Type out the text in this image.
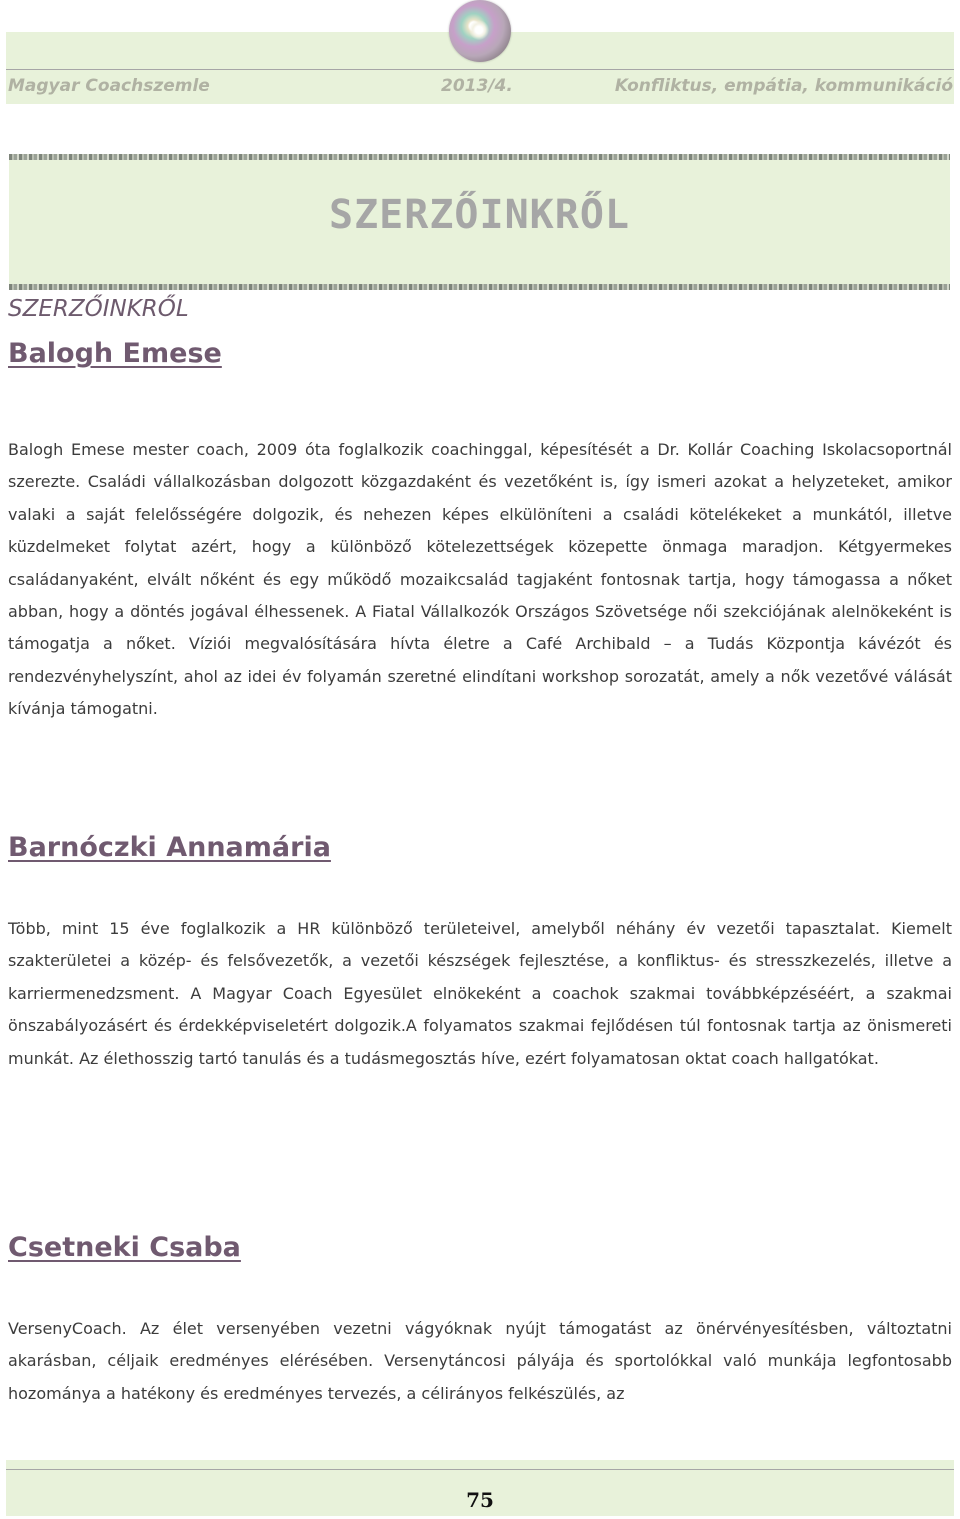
Magyar Coachszemle	2013/4.	Konfliktus, empátia, kommunikáció
SZERZŐINKRŐL
SZERZŐINKRŐL
Balogh Emese

Balogh Emese mester coach, 2009 óta foglalkozik coachinggal, képesítését a Dr. Kollár Coaching Iskolacsoportnál szerezte. Családi vállalkozásban dolgozott közgazdaként és vezetőként is, így ismeri azokat a helyzeteket, amikor valaki a saját felelősségére dolgozik, és nehezen képes elkülöníteni a családi kötelékeket a munkától, illetve küzdelmeket folytat azért, hogy a különböző kötelezettségek közepette önmaga maradjon. Kétgyermekes családanyaként, elvált nőként és egy működő mozaikcsalád tagjaként fontosnak tartja, hogy támogassa a nőket abban, hogy a döntés jogával élhessenek. A Fiatal Vállalkozók Országos Szövetsége női szekciójának alelnökeként is támogatja a nőket. Víziói megvalósítására hívta életre a Café Archibald – a Tudás Központja kávézót és rendezvényhelyszínt, ahol az idei év folyamán szeretné elindítani workshop sorozatát, amely a nők vezetővé válását kívánja támogatni.

Barnóczki Annamária

Több, mint 15 éve foglalkozik a HR különböző területeivel, amelyből néhány év vezetői tapasztalat. Kiemelt szakterületei a közép- és felsővezetők, a vezetői készségek fejlesztése, a konfliktus- és stresszkezelés, illetve a karriermenedzsment. A Magyar Coach Egyesület elnökeként a coachok szakmai továbbképzéséért, a szakmai önszabályozásért és érdekképviseletért dolgozik.A folyamatos szakmai fejlődésen túl fontosnak tartja az önismereti munkát. Az élethosszig tartó tanulás és a tudásmegosztás híve, ezért folyamatosan oktat coach hallgatókat.

Csetneki Csaba

VersenyCoach. Az élet versenyében vezetni vágyóknak nyújt támogatást az önérvényesítésben, változtatni akarásban, céljaik eredményes elérésében. Versenytáncosi pályája és sportolókkal való munkája legfontosabb hozománya a hatékony és eredményes tervezés, a célirányos felkészülés, az

75
